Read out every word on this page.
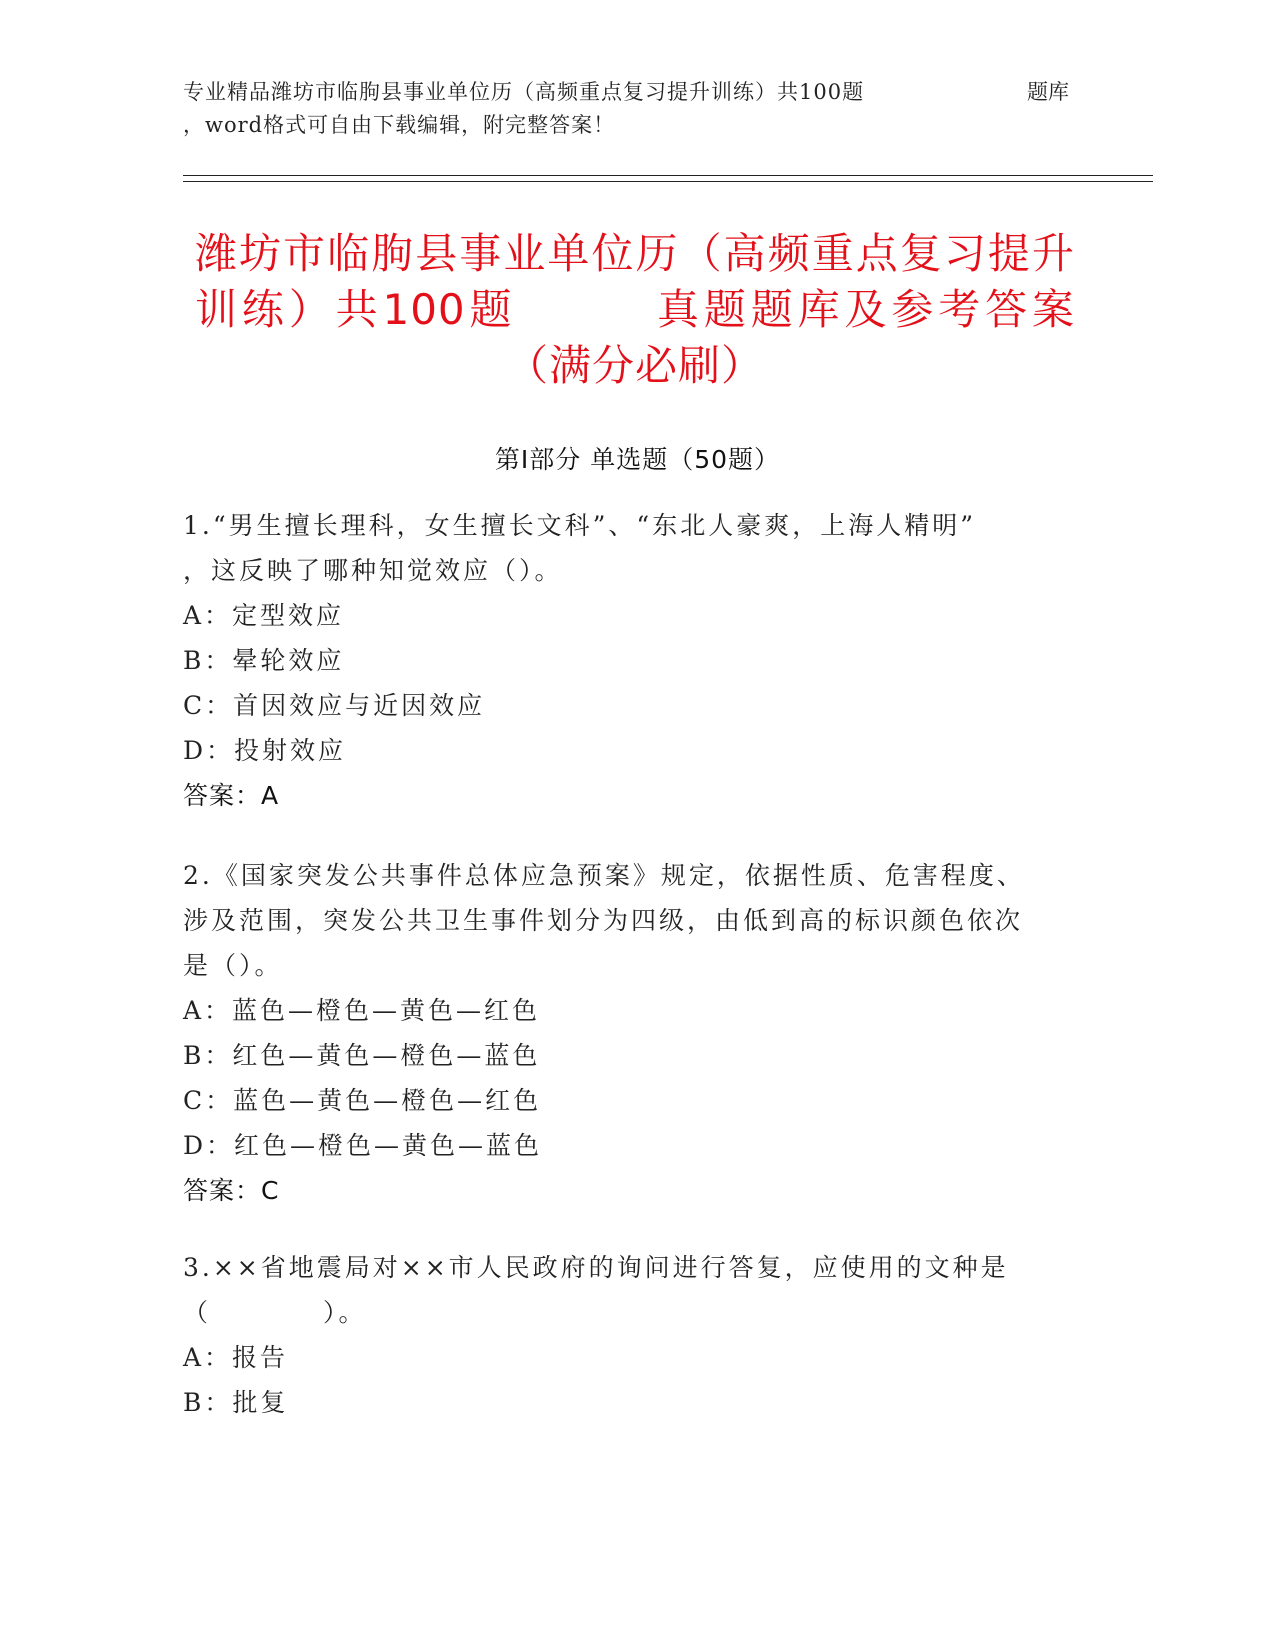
专业精品潍坊市临朐县事业单位历（高频重点复习提升训练）共100题	题库
，word格式可自由下载编辑，附完整答案！
潍坊市临朐县事业单位历（高频重点复习提升训练）共100题　　　真题题库及参考答案（满分必刷）
第Ⅰ部分 单选题（50题）
1.“男生擅长理科，女生擅长文科”、“东北人豪爽，上海人精明”
，这反映了哪种知觉效应（）。
A：定型效应
B：晕轮效应
C：首因效应与近因效应
D：投射效应
答案：A
2.《国家突发公共事件总体应急预案》规定，依据性质、危害程度、
涉及范围，突发公共卫生事件划分为四级，由低到高的标识颜色依次
是（）。
A：蓝色—橙色—黄色—红色
B：红色—黄色—橙色—蓝色
C：蓝色—黄色—橙色—红色
D：红色—橙色—黄色—蓝色
答案：C
3.××省地震局对××市人民政府的询问进行答复，应使用的文种是
（　　　　）。
A：报告
B：批复
